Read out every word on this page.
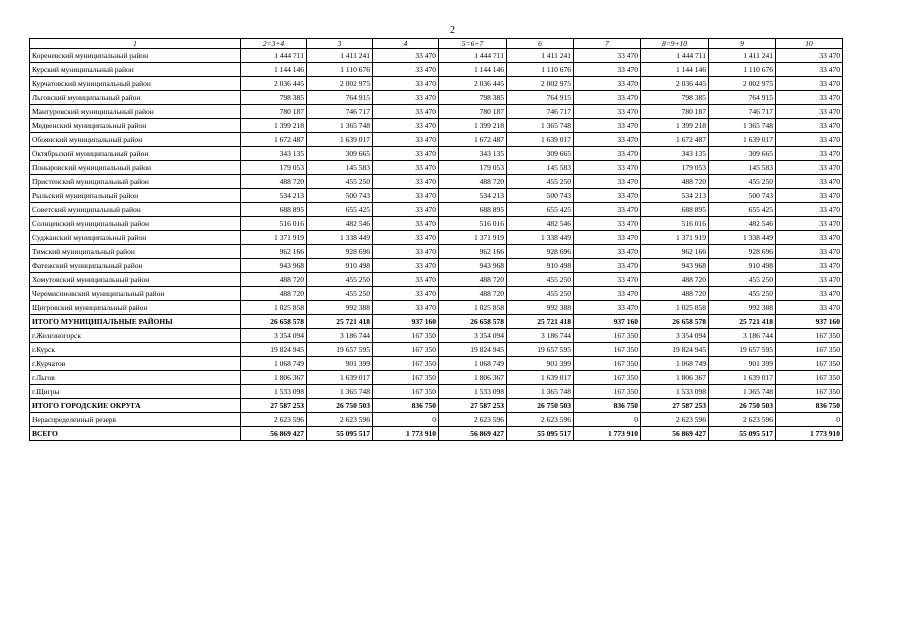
2
1	2=3+4	3	4	5=6+7	6	7	8=9+10	9	10
Кореневский муниципальный район	1 444 711	1 411 241	33 470	1 444 711	1 411 241	33 470	1 444 711	1 411 241	33 470
Курский муниципальный район	1 144 146	1 110 676	33 470	1 144 146	1 110 676	33 470	1 144 146	1 110 676	33 470
Курчатовский муниципальный район	2 036 445	2 002 975	33 470	2 036 445	2 002 975	33 470	2 036 445	2 002 975	33 470
Льговский муниципальный район	798 385	764 915	33 470	798 385	764 915	33 470	798 385	764 915	33 470
Мантуровский муниципальный район	780 187	746 717	33 470	780 187	746 717	33 470	780 187	746 717	33 470
Медвенский муниципальный район	1 399 218	1 365 748	33 470	1 399 218	1 365 748	33 470	1 399 218	1 365 748	33 470
Обоянский муниципальный район	1 672 487	1 639 017	33 470	1 672 487	1 639 017	33 470	1 672 487	1 639 017	33 470
Октябрьский муниципальный район	343 135	309 665	33 470	343 135	309 665	33 470	343 135	309 665	33 470
Поныровский муниципальный район	179 053	145 583	33 470	179 053	145 583	33 470	179 053	145 583	33 470
Пристенский муниципальный район	488 720	455 250	33 470	488 720	455 250	33 470	488 720	455 250	33 470
Рыльский муниципальный район	534 213	500 743	33 470	534 213	500 743	33 470	534 213	500 743	33 470
Советский муниципальный район	688 895	655 425	33 470	688 895	655 425	33 470	688 895	655 425	33 470
Солнцевский муниципальный район	516 016	482 546	33 470	516 016	482 546	33 470	516 016	482 546	33 470
Суджанский муниципальный район	1 371 919	1 338 449	33 470	1 371 919	1 338 449	33 470	1 371 919	1 338 449	33 470
Тимский муниципальный район	962 166	928 696	33 470	962 166	928 696	33 470	962 166	928 696	33 470
Фатежский муниципальный район	943 968	910 498	33 470	943 968	910 498	33 470	943 968	910 498	33 470
Хомутовский муниципальный район	488 720	455 250	33 470	488 720	455 250	33 470	488 720	455 250	33 470
Черемисиновский муниципальный район	488 720	455 250	33 470	488 720	455 250	33 470	488 720	455 250	33 470
Щигровский муниципальный район	1 025 858	992 388	33 470	1 025 858	992 388	33 470	1 025 858	992 388	33 470
ИТОГО МУНИЦИПАЛЬНЫЕ РАЙОНЫ	26 658 578	25 721 418	937 160	26 658 578	25 721 418	937 160	26 658 578	25 721 418	937 160
г.Железногорск	3 354 094	3 186 744	167 350	3 354 094	3 186 744	167 350	3 354 094	3 186 744	167 350
г.Курск	19 824 945	19 657 595	167 350	19 824 945	19 657 595	167 350	19 824 945	19 657 595	167 350
г.Курчатов	1 068 749	901 399	167 350	1 068 749	901 399	167 350	1 068 749	901 399	167 350
г.Льгов	1 806 367	1 639 017	167 350	1 806 367	1 639 017	167 350	1 806 367	1 639 017	167 350
г.Щигры	1 533 098	1 365 748	167 350	1 533 098	1 365 748	167 350	1 533 098	1 365 748	167 350
ИТОГО ГОРОДСКИЕ ОКРУГА	27 587 253	26 750 503	836 750	27 587 253	26 750 503	836 750	27 587 253	26 750 503	836 750
Нераспределенный резерв	2 623 596	2 623 596	0	2 623 596	2 623 596	0	2 623 596	2 623 596	0
ВСЕГО	56 869 427	55 095 517	1 773 910	56 869 427	55 095 517	1 773 910	56 869 427	55 095 517	1 773 910
